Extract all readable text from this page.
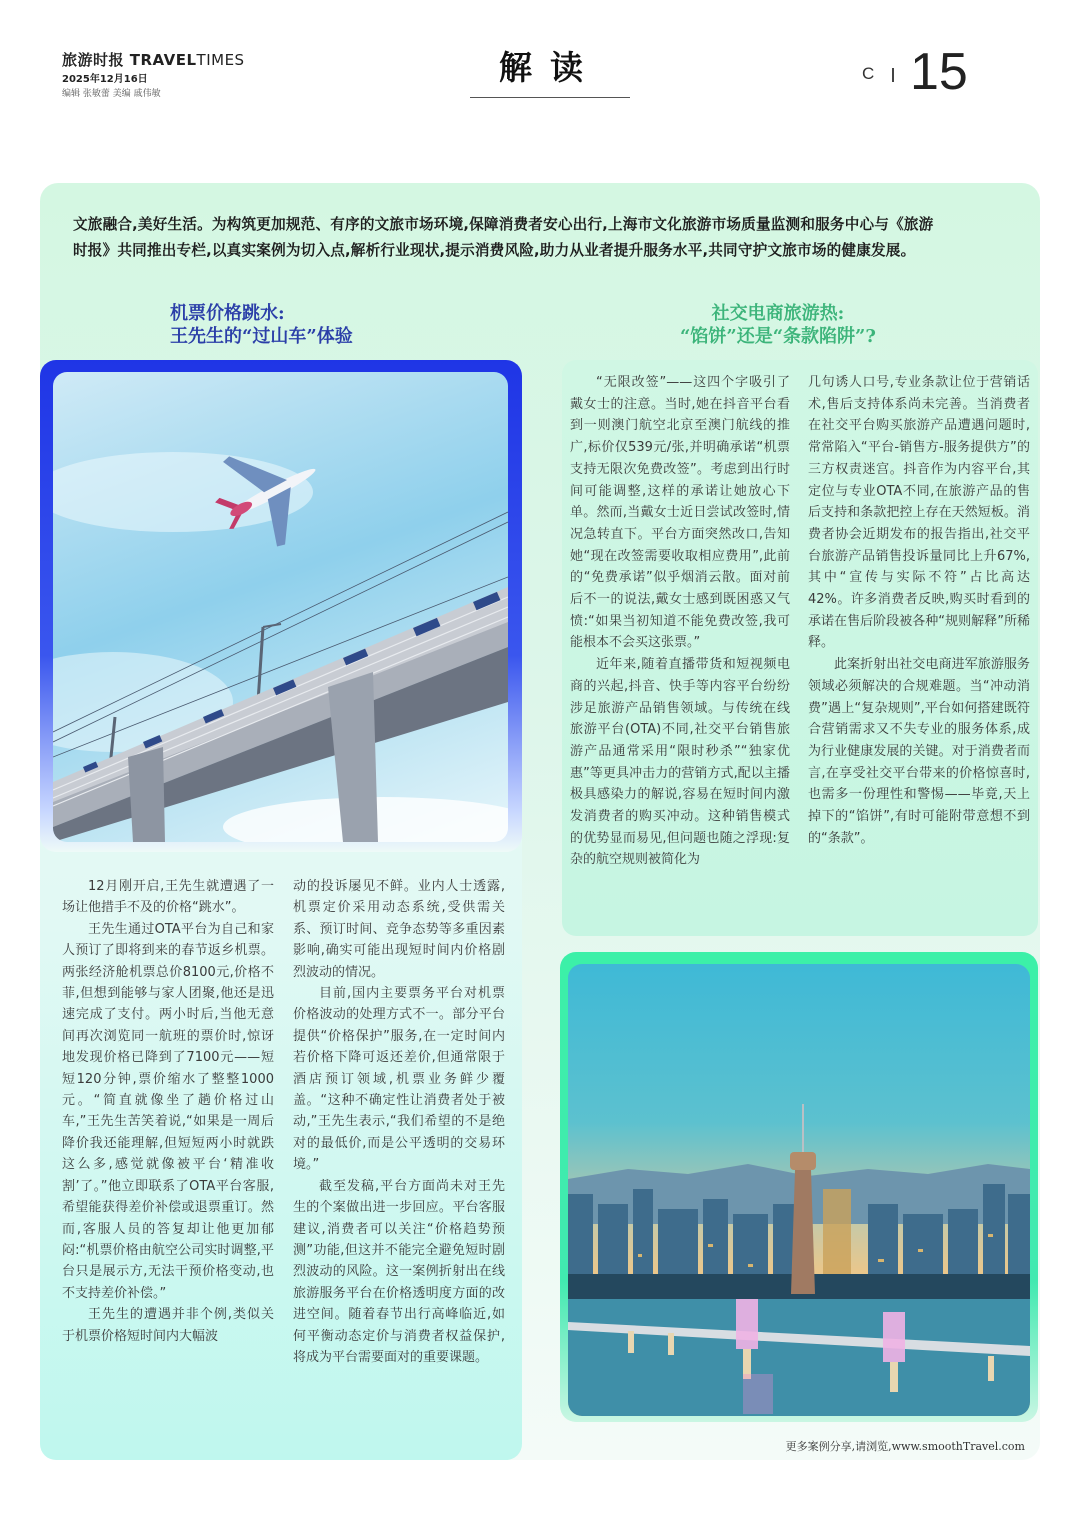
旅游时报 TRAVELTIMES
2025年12月16日
编辑 张敏蕾 美编 戚伟敏
解读	C 15
文旅融合,美好生活。为构筑更加规范、有序的文旅市场环境,保障消费者安心出行,上海市文化旅游市场质量监测和服务中心与《旅游时报》共同推出专栏,以真实案例为切入点,解析行业现状,提示消费风险,助力从业者提升服务水平,共同守护文旅市场的健康发展。
机票价格跳水:
王先生的“过山车”体验
社交电商旅游热:
“馅饼”还是“条款陷阱”?

12月刚开启,王先生就遭遇了一场让他措手不及的价格“跳水”。

王先生通过OTA平台为自己和家人预订了即将到来的春节返乡机票。两张经济舱机票总价8100元,价格不菲,但想到能够与家人团聚,他还是迅速完成了支付。两小时后,当他无意间再次浏览同一航班的票价时,惊讶地发现价格已降到了7100元——短短120分钟,票价缩水了整整1000元。“简直就像坐了趟价格过山车,”王先生苦笑着说,“如果是一周后降价我还能理解,但短短两小时就跌这么多,感觉就像被平台‘精准收割’了。”他立即联系了OTA平台客服,希望能获得差价补偿或退票重订。然而,客服人员的答复却让他更加郁闷:“机票价格由航空公司实时调整,平台只是展示方,无法干预价格变动,也不支持差价补偿。”

王先生的遭遇并非个例,类似关于机票价格短时间内大幅波

动的投诉屡见不鲜。业内人士透露,机票定价采用动态系统,受供需关系、预订时间、竞争态势等多重因素影响,确实可能出现短时间内价格剧烈波动的情况。

目前,国内主要票务平台对机票价格波动的处理方式不一。部分平台提供“价格保护”服务,在一定时间内若价格下降可返还差价,但通常限于酒店预订领域,机票业务鲜少覆盖。“这种不确定性让消费者处于被动,”王先生表示,“我们希望的不是绝对的最低价,而是公平透明的交易环境。”

截至发稿,平台方面尚未对王先生的个案做出进一步回应。平台客服建议,消费者可以关注“价格趋势预测”功能,但这并不能完全避免短时剧烈波动的风险。这一案例折射出在线旅游服务平台在价格透明度方面的改进空间。随着春节出行高峰临近,如何平衡动态定价与消费者权益保护,将成为平台需要面对的重要课题。

“无限改签”——这四个字吸引了戴女士的注意。当时,她在抖音平台看到一则澳门航空北京至澳门航线的推广,标价仅539元/张,并明确承诺“机票支持无限次免费改签”。考虑到出行时间可能调整,这样的承诺让她放心下单。然而,当戴女士近日尝试改签时,情况急转直下。平台方面突然改口,告知她“现在改签需要收取相应费用”,此前的“免费承诺”似乎烟消云散。面对前后不一的说法,戴女士感到既困惑又气愤:“如果当初知道不能免费改签,我可能根本不会买这张票。”

近年来,随着直播带货和短视频电商的兴起,抖音、快手等内容平台纷纷涉足旅游产品销售领域。与传统在线旅游平台(OTA)不同,社交平台销售旅游产品通常采用“限时秒杀”“独家优惠”等更具冲击力的营销方式,配以主播极具感染力的解说,容易在短时间内激发消费者的购买冲动。这种销售模式的优势显而易见,但问题也随之浮现:复杂的航空规则被简化为

几句诱人口号,专业条款让位于营销话术,售后支持体系尚未完善。当消费者在社交平台购买旅游产品遭遇问题时,常常陷入“平台-销售方-服务提供方”的三方权责迷宫。抖音作为内容平台,其定位与专业OTA不同,在旅游产品的售后支持和条款把控上存在天然短板。消费者协会近期发布的报告指出,社交平台旅游产品销售投诉量同比上升67%,其中“宣传与实际不符”占比高达42%。许多消费者反映,购买时看到的承诺在售后阶段被各种“规则解释”所稀释。

此案折射出社交电商进军旅游服务领域必须解决的合规难题。当“冲动消费”遇上“复杂规则”,平台如何搭建既符合营销需求又不失专业的服务体系,成为行业健康发展的关键。对于消费者而言,在享受社交平台带来的价格惊喜时,也需多一份理性和警惕——毕竟,天上掉下的“馅饼”,有时可能附带意想不到的“条款”。

更多案例分享,请浏览,www.smoothTravel.com
